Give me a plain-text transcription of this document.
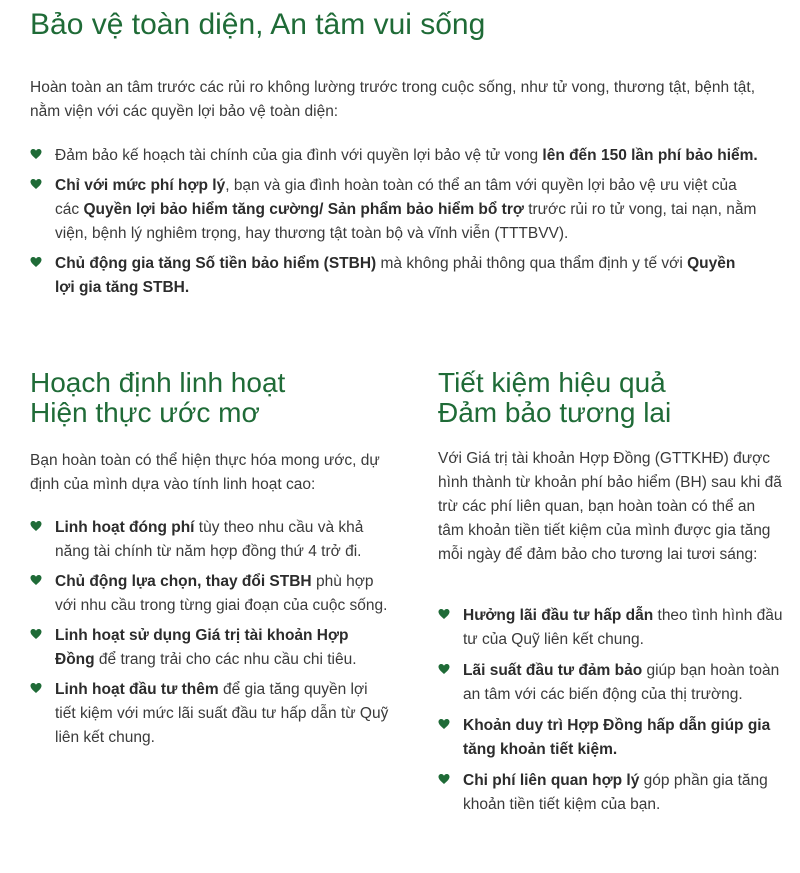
Bảo vệ toàn diện, An tâm vui sống

Hoàn toàn an tâm trước các rủi ro không lường trước trong cuộc sống, như tử vong, thương tật, bệnh tật, nằm viện với các quyền lợi bảo vệ toàn diện:

Đảm bảo kế hoạch tài chính của gia đình với quyền lợi bảo vệ tử vong lên đến 150 lần phí bảo hiểm.
Chỉ với mức phí hợp lý, bạn và gia đình hoàn toàn có thể an tâm với quyền lợi bảo vệ ưu việt của các Quyền lợi bảo hiểm tăng cường/ Sản phẩm bảo hiểm bổ trợ trước rủi ro tử vong, tai nạn, nằm viện, bệnh lý nghiêm trọng, hay thương tật toàn bộ và vĩnh viễn (TTTBVV).
Chủ động gia tăng Số tiền bảo hiểm (STBH) mà không phải thông qua thẩm định y tế với Quyền lợi gia tăng STBH.
Hoạch định linh hoạt
Hiện thực ước mơ

Bạn hoàn toàn có thể hiện thực hóa mong ước, dự định của mình dựa vào tính linh hoạt cao:

Linh hoạt đóng phí tùy theo nhu cầu và khả năng tài chính từ năm hợp đồng thứ 4 trở đi.
Chủ động lựa chọn, thay đổi STBH phù hợp với nhu cầu trong từng giai đoạn của cuộc sống.
Linh hoạt sử dụng Giá trị tài khoản Hợp Đồng để trang trải cho các nhu cầu chi tiêu.
Linh hoạt đầu tư thêm để gia tăng quyền lợi tiết kiệm với mức lãi suất đầu tư hấp dẫn từ Quỹ liên kết chung.
Tiết kiệm hiệu quả
Đảm bảo tương lai

Với Giá trị tài khoản Hợp Đồng (GTTKHĐ) được hình thành từ khoản phí bảo hiểm (BH) sau khi đã trừ các phí liên quan, bạn hoàn toàn có thể an tâm khoản tiền tiết kiệm của mình được gia tăng mỗi ngày để đảm bảo cho tương lai tươi sáng:

Hưởng lãi đầu tư hấp dẫn theo tình hình đầu tư của Quỹ liên kết chung.
Lãi suất đầu tư đảm bảo giúp bạn hoàn toàn an tâm với các biến động của thị trường.
Khoản duy trì Hợp Đồng hấp dẫn giúp gia tăng khoản tiết kiệm.
Chi phí liên quan hợp lý góp phần gia tăng khoản tiền tiết kiệm của bạn.
